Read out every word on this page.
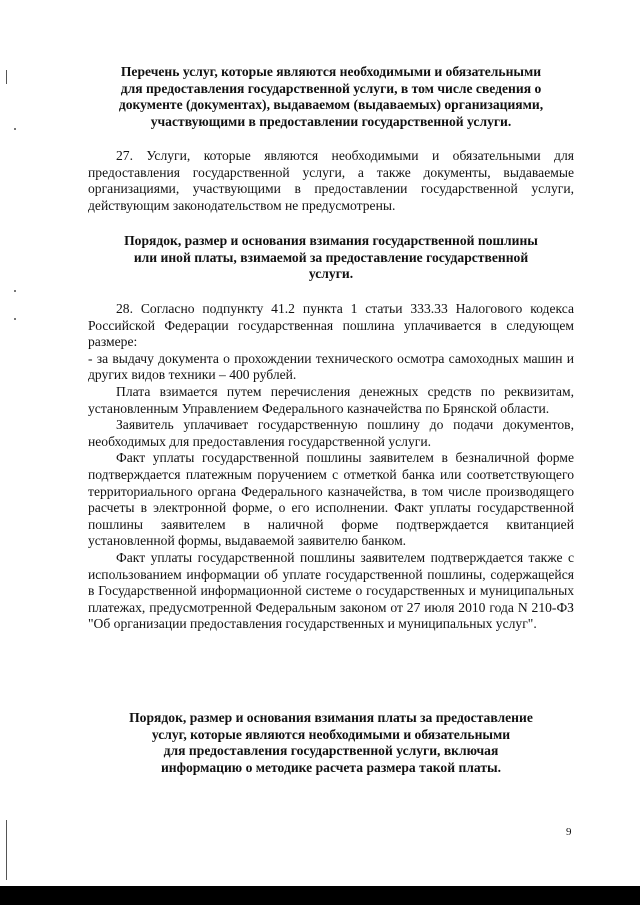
Перечень услуг, которые являются необходимыми и обязательными

для предоставления государственной услуги, в том числе сведения о

документе (документах), выдаваемом (выдаваемых) организациями,

участвующими в предоставлении государственной услуги.

27. Услуги, которые являются необходимыми и обязательными для предоставления государственной услуги, а также документы, выдаваемые организациями, участвующими в предоставлении государственной услуги, действующим законодательством не предусмотрены.

Порядок, размер и основания взимания государственной пошлины

или иной платы, взимаемой за предоставление государственной

услуги.

28. Согласно подпункту 41.2 пункта 1 статьи 333.33 Налогового кодекса Российской Федерации государственная пошлина уплачивается в следующем размере:

- за выдачу документа о прохождении технического осмотра самоходных машин и других видов техники – 400 рублей.

Плата взимается путем перечисления денежных средств по реквизитам, установленным Управлением Федерального казначейства по Брянской области.

Заявитель уплачивает государственную пошлину до подачи документов, необходимых для предоставления государственной услуги.

Факт уплаты государственной пошлины заявителем в безналичной форме подтверждается платежным поручением с отметкой банка или соответствующего территориального органа Федерального казначейства, в том числе производящего расчеты в электронной форме, о его исполнении. Факт уплаты государственной пошлины заявителем в наличной форме подтверждается квитанцией установленной формы, выдаваемой заявителю банком.

Факт уплаты государственной пошлины заявителем подтверждается также с использованием информации об уплате государственной пошлины, содержащейся в Государственной информационной системе о государственных и муниципальных платежах, предусмотренной Федеральным законом от 27 июля 2010 года N 210-ФЗ "Об организации предоставления государственных и муниципальных услуг".

Порядок, размер и основания взимания платы за предоставление

услуг, которые являются необходимыми и обязательными

для предоставления государственной услуги, включая

информацию о методике расчета размера такой платы.

9
